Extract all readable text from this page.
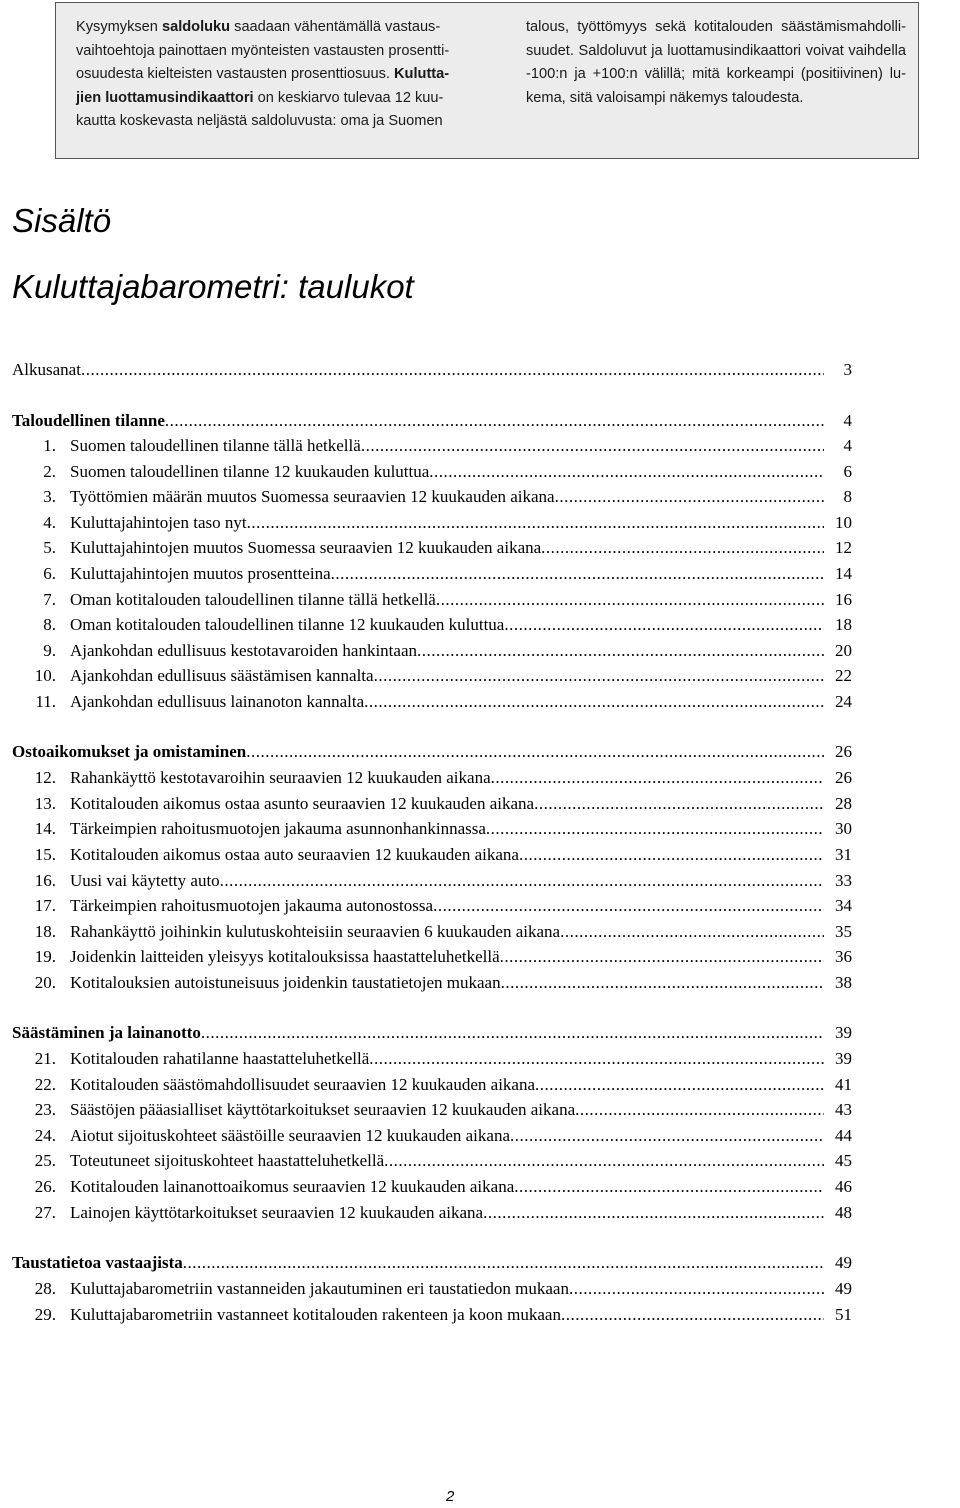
Kysymyksen saldoluku saadaan vähentämällä vastaus-
vaihtoehtoja painottaen myönteisten vastausten prosentti-
osuudesta kielteisten vastausten prosenttiosuus. Kulutta-
jien luottamusindikaattori on keskiarvo tulevaa 12 kuu-
kautta koskevasta neljästä saldoluvusta: oma ja Suomen
talous, työttömyys sekä kotitalouden säästämismahdolli-
suudet. Saldoluvut ja luottamusindikaattori voivat vaihdella
-100:n ja +100:n välillä; mitä korkeampi (positiivinen) lu-
kema, sitä valoisampi näkemys taloudesta.
Sisältö
Kuluttajabarometri: taulukot
Alkusanat .....	3
Taloudellinen tilanne .....	4
1. Suomen taloudellinen tilanne tällä hetkellä .....	4
2. Suomen taloudellinen tilanne 12 kuukauden kuluttua .....	6
3. Työttömien määrän muutos Suomessa seuraavien 12 kuukauden aikana .....	8
4. Kuluttajahintojen taso nyt .....	10
5. Kuluttajahintojen muutos Suomessa seuraavien 12 kuukauden aikana .....	12
6. Kuluttajahintojen muutos prosentteina .....	14
7. Oman kotitalouden taloudellinen tilanne tällä hetkellä .....	16
8. Oman kotitalouden taloudellinen tilanne 12 kuukauden kuluttua .....	18
9. Ajankohdan edullisuus kestotavaroiden hankintaan .....	20
10. Ajankohdan edullisuus säästämisen kannalta .....	22
11. Ajankohdan edullisuus lainanoton kannalta .....	24
Ostoaikomukset ja omistaminen .....	26
12. Rahankäyttö kestotavaroihin seuraavien 12 kuukauden aikana .....	26
13. Kotitalouden aikomus ostaa asunto seuraavien 12 kuukauden aikana .....	28
14. Tärkeimpien rahoitusmuotojen jakauma asunnonhankinnassa .....	30
15. Kotitalouden aikomus ostaa auto seuraavien 12 kuukauden aikana .....	31
16. Uusi vai käytetty auto .....	33
17. Tärkeimpien rahoitusmuotojen jakauma autonostossa .....	34
18. Rahankäyttö joihinkin kulutuskohteisiin seuraavien 6 kuukauden aikana .....	35
19. Joidenkin laitteiden yleisyys kotitalouksissa haastatteluhetkellä .....	36
20. Kotitalouksien autoistuneisuus joidenkin taustatietojen mukaan .....	38
Säästäminen ja lainanotto .....	39
21. Kotitalouden rahatilanne haastatteluhetkellä .....	39
22. Kotitalouden säästömahdollisuudet seuraavien 12 kuukauden aikana .....	41
23. Säästöjen pääasialliset käyttötarkoitukset seuraavien 12 kuukauden aikana .....	43
24. Aiotut sijoituskohteet säästöille seuraavien 12 kuukauden aikana .....	44
25. Toteutuneet sijoituskohteet haastatteluhetkellä .....	45
26. Kotitalouden lainanottoaikomus seuraavien 12 kuukauden aikana .....	46
27. Lainojen käyttötarkoitukset seuraavien 12 kuukauden aikana .....	48
Taustatietoa vastaajista .....	49
28. Kuluttajabarometriin vastanneiden jakautuminen eri taustatiedon mukaan .....	49
29. Kuluttajabarometriin vastanneet kotitalouden rakenteen ja koon mukaan .....	51
2
